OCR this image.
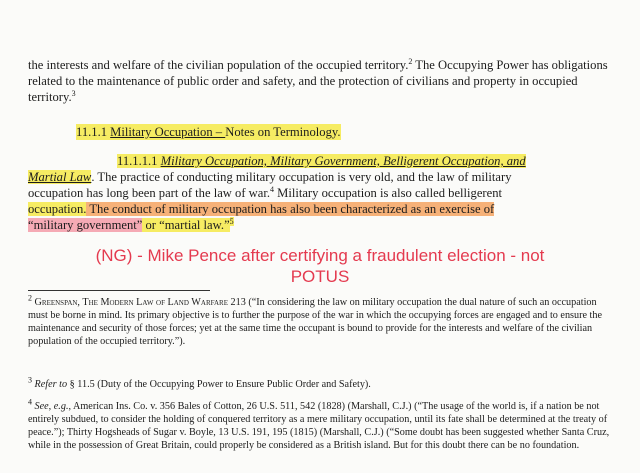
the interests and welfare of the civilian population of the occupied territory.$^2$ The Occupying Power has obligations related to the maintenance of public order and safety, and the protection of civilians and property in occupied territory.$^3$

11.1.1 Military Occupation – Notes on Terminology.

11.1.1.1 Military Occupation, Military Government, Belligerent Occupation, and
Martial Law. The practice of conducting military occupation is very old, and the law of military
occupation has long been part of the law of war.$^4$ Military occupation is also called belligerent
occupation. The conduct of military occupation has also been characterized as an exercise of
“military government” or “martial law.”$^5$
(NG) - Mike Pence after certifying a fraudulent election - not
POTUS

$^2$ Greenspan, The Modern Law of Land Warfare 213 (“In considering the law on military occupation the dual nature of such an occupation must be borne in mind. Its primary objective is to further the purpose of the war in which the occupying forces are engaged and to ensure the maintenance and security of those forces; yet at the same time the occupant is bound to provide for the interests and welfare of the civilian population of the occupied territory.”).

$^3$ Refer to § 11.5 (Duty of the Occupying Power to Ensure Public Order and Safety).

$^4$ See, e.g., American Ins. Co. v. 356 Bales of Cotton, 26 U.S. 511, 542 (1828) (Marshall, C.J.) (“The usage of the world is, if a nation be not entirely subdued, to consider the holding of conquered territory as a mere military occupation, until its fate shall be determined at the treaty of peace.”); Thirty Hogsheads of Sugar v. Boyle, 13 U.S. 191, 195 (1815) (Marshall, C.J.) (“Some doubt has been suggested whether Santa Cruz, while in the possession of Great Britain, could properly be considered as a British island. But for this doubt there can be no foundation.
